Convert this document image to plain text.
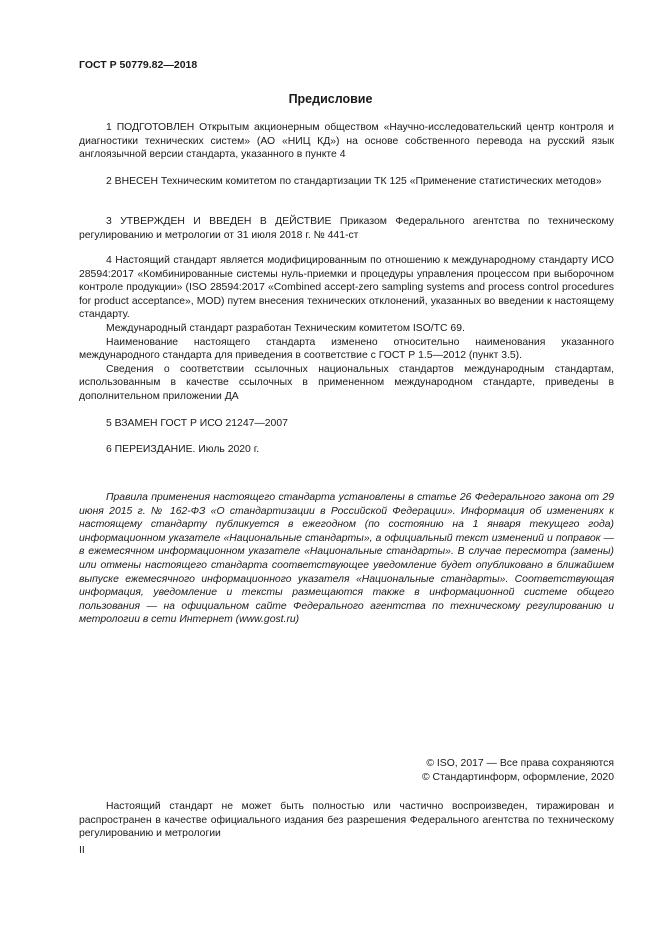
ГОСТ Р 50779.82—2018
Предисловие

1 ПОДГОТОВЛЕН Открытым акционерным обществом «Научно-исследовательский центр контроля и диагностики технических систем» (АО «НИЦ КД») на основе собственного перевода на русский язык англоязычной версии стандарта, указанного в пункте 4

2 ВНЕСЕН Техническим комитетом по стандартизации ТК 125 «Применение статистических методов»

3 УТВЕРЖДЕН И ВВЕДЕН В ДЕЙСТВИЕ Приказом Федерального агентства по техническому регулированию и метрологии от 31 июля 2018 г. № 441-ст

4 Настоящий стандарт является модифицированным по отношению к международному стандарту ИСО 28594:2017 «Комбинированные системы нуль-приемки и процедуры управления процессом при выборочном контроле продукции» (ISO 28594:2017 «Combined accept-zero sampling systems and process control procedures for product acceptance», MOD) путем внесения технических отклонений, указанных во введении к настоящему стандарту.

Международный стандарт разработан Техническим комитетом ISO/TC 69.

Наименование настоящего стандарта изменено относительно наименования указанного международного стандарта для приведения в соответствие с ГОСТ Р 1.5—2012 (пункт 3.5).

Сведения о соответствии ссылочных национальных стандартов международным стандартам, использованным в качестве ссылочных в примененном международном стандарте, приведены в дополнительном приложении ДА

5 ВЗАМЕН ГОСТ Р ИСО 21247—2007

6 ПЕРЕИЗДАНИЕ. Июль 2020 г.

Правила применения настоящего стандарта установлены в статье 26 Федерального закона от 29 июня 2015 г. № 162-ФЗ «О стандартизации в Российской Федерации». Информация об изменениях к настоящему стандарту публикуется в ежегодном (по состоянию на 1 января текущего года) информационном указателе «Национальные стандарты», а официальный текст изменений и поправок — в ежемесячном информационном указателе «Национальные стандарты». В случае пересмотра (замены) или отмены настоящего стандарта соответствующее уведомление будет опубликовано в ближайшем выпуске ежемесячного информационного указателя «Национальные стандарты». Соответствующая информация, уведомление и тексты размещаются также в информационной системе общего пользования — на официальном сайте Федерального агентства по техническому регулированию и метрологии в сети Интернет (www.gost.ru)

© ISO, 2017 — Все права сохраняются
© Стандартинформ, оформление, 2020

Настоящий стандарт не может быть полностью или частично воспроизведен, тиражирован и распространен в качестве официального издания без разрешения Федерального агентства по техническому регулированию и метрологии

II
